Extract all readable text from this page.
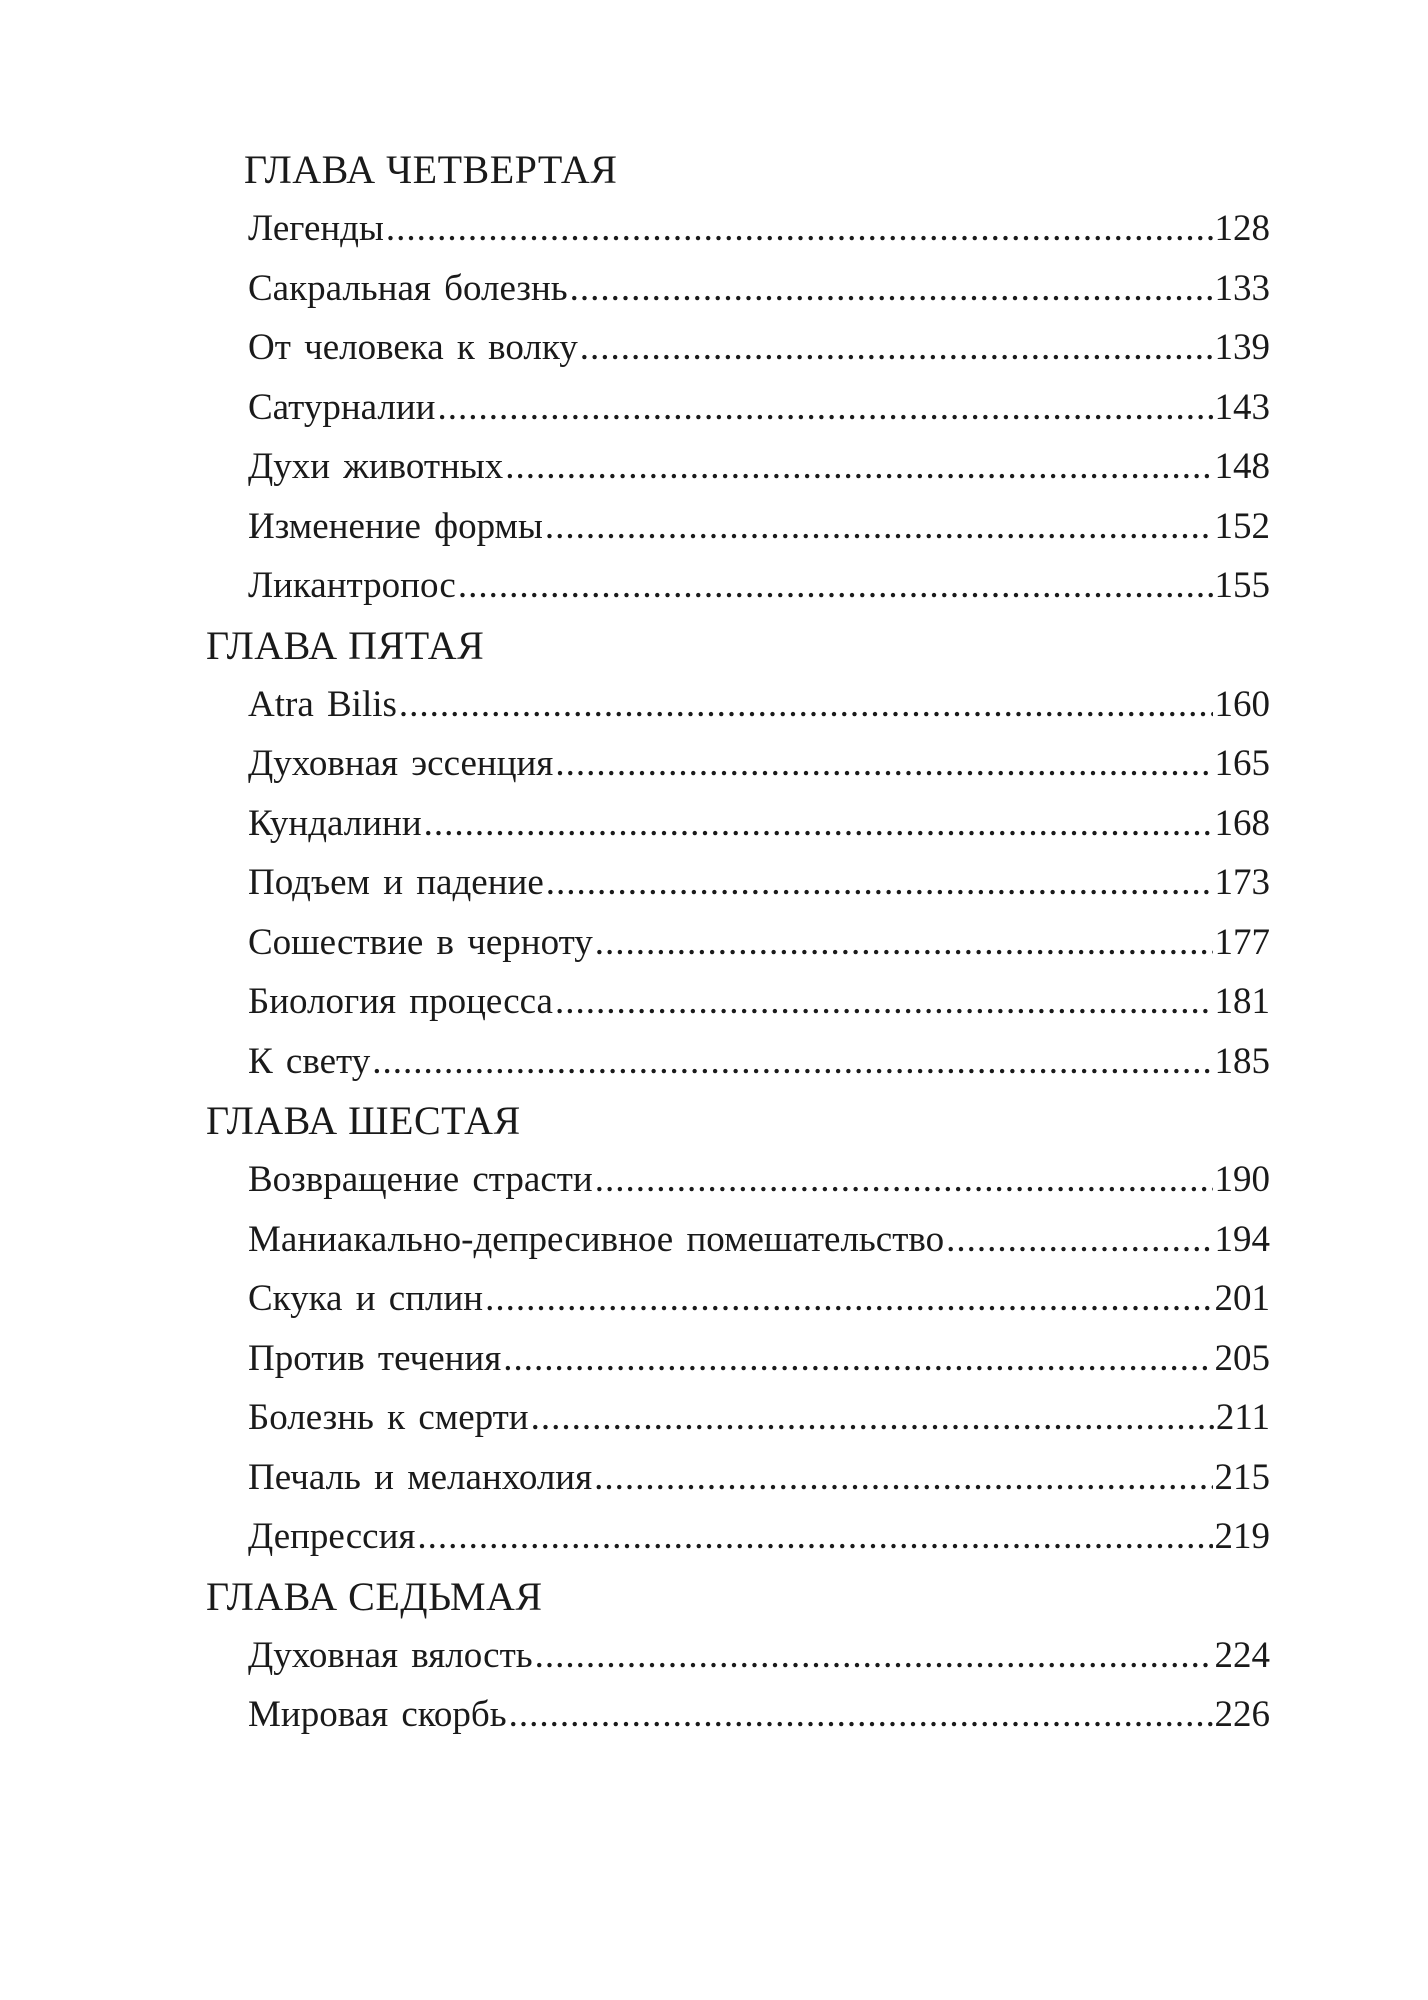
ГЛАВА ЧЕТВЕРТАЯ
Легенды .....	128
Сакральная болезнь .....	133
От человека к волку .....	139
Сатурналии .....	143
Духи животных .....	148
Изменение формы .....	152
Ликантропос .....	155
ГЛАВА ПЯТАЯ
Atra Bilis .....	160
Духовная эссенция .....	165
Кундалини .....	168
Подъем и падение .....	173
Сошествие в черноту .....	177
Биология процесса .....	181
К свету .....	185
ГЛАВА ШЕСТАЯ
Возвращение страсти .....	190
Маниакально-депресивное помешательство .....	194
Скука и сплин .....	201
Против течения .....	205
Болезнь к смерти .....	211
Печаль и меланхолия .....	215
Депрессия .....	219
ГЛАВА СЕДЬМАЯ
Духовная вялость .....	224
Мировая скорбь .....	226
